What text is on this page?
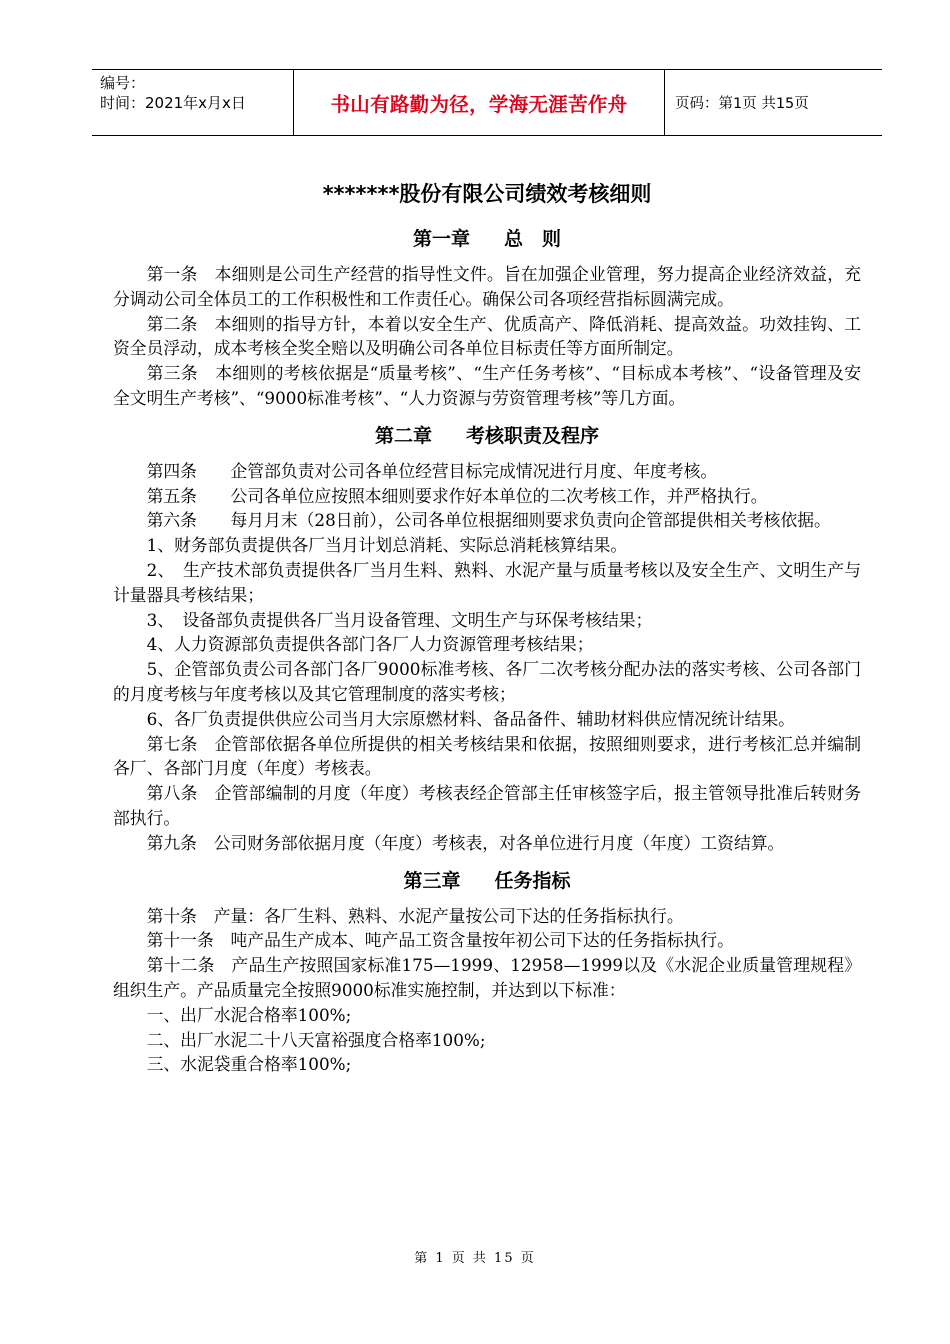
编号：
时间：2021年x月x日	书山有路勤为径，学海无涯苦作舟	页码：第1页 共15页
*******股份有限公司绩效考核细则
第一章 总　则

第一条　本细则是公司生产经营的指导性文件。旨在加强企业管理，努力提高企业经济效益，充分调动公司全体员工的工作积极性和工作责任心。确保公司各项经营指标圆满完成。

第二条　本细则的指导方针，本着以安全生产、优质高产、降低消耗、提高效益。功效挂钩、工资全员浮动，成本考核全奖全赔以及明确公司各单位目标责任等方面所制定。

第三条　本细则的考核依据是“质量考核”、“生产任务考核”、“目标成本考核”、“设备管理及安全文明生产考核”、“9000标准考核”、“人力资源与劳资管理考核”等几方面。

第二章 考核职责及程序

第四条　　企管部负责对公司各单位经营目标完成情况进行月度、年度考核。

第五条　　公司各单位应按照本细则要求作好本单位的二次考核工作，并严格执行。

第六条　　每月月末（28日前），公司各单位根据细则要求负责向企管部提供相关考核依据。

1、财务部负责提供各厂当月计划总消耗、实际总消耗核算结果。

2、　生产技术部负责提供各厂当月生料、熟料、水泥产量与质量考核以及安全生产、文明生产与计量器具考核结果；

3、　设备部负责提供各厂当月设备管理、文明生产与环保考核结果；

4、人力资源部负责提供各部门各厂人力资源管理考核结果；

5、企管部负责公司各部门各厂9000标准考核、各厂二次考核分配办法的落实考核、公司各部门的月度考核与年度考核以及其它管理制度的落实考核；

6、各厂负责提供供应公司当月大宗原燃材料、备品备件、辅助材料供应情况统计结果。

第七条　企管部依据各单位所提供的相关考核结果和依据，按照细则要求，进行考核汇总并编制各厂、各部门月度（年度）考核表。

第八条　企管部编制的月度（年度）考核表经企管部主任审核签字后，报主管领导批准后转财务部执行。

第九条　公司财务部依据月度（年度）考核表，对各单位进行月度（年度）工资结算。

第三章 任务指标

第十条　产量：各厂生料、熟料、水泥产量按公司下达的任务指标执行。

第十一条　吨产品生产成本、吨产品工资含量按年初公司下达的任务指标执行。

第十二条　产品生产按照国家标准175—1999、12958—1999以及《水泥企业质量管理规程》组织生产。产品质量完全按照9000标准实施控制，并达到以下标准：

一、出厂水泥合格率100%;

二、出厂水泥二十八天富裕强度合格率100%;

三、水泥袋重合格率100%;

第 1 页 共 15 页
